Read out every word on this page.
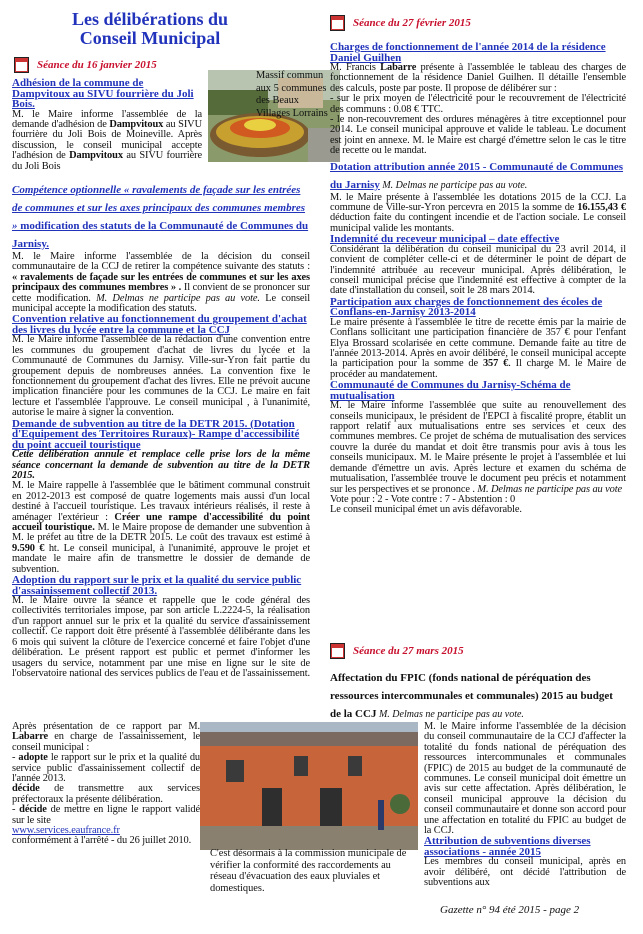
Les délibérations du

Conseil Municipal

Séance du 16 janvier 2015
Massif commun aux 5 communes des Beaux Villages Lorrains
Adhésion de la commune de Dampvitoux au SIVU fourrière du Joli Bois.
M. le Maire informe l'assemblée de la demande d'adhésion de Dampvitoux au SIVU fourrière du Joli Bois de Moineville. Après discussion, le conseil municipal accepte l'adhésion de Dampvitoux au SIVU fourrière du Joli Bois
Compétence optionnelle « ravalements de façade sur les entrées de communes et sur les axes principaux des communes membres » modification des statuts de la Communauté de Communes du Jarnisy.
M. le Maire informe l'assemblée de la décision du conseil communautaire de la CCJ de retirer la compétence suivante des statuts : « ravalements de façade sur les entrées de communes et sur les axes principaux des communes membres » . Il convient de se prononcer sur cette modification. M. Delmas ne participe pas au vote. Le conseil municipal accepte la modification des statuts.
Convention relative au fonctionnement du groupement d'achat des livres du lycée entre la commune et la CCJ
M. le Maire informe l'assemblée de la rédaction d'une convention entre les communes du groupement d'achat de livres du lycée et la Communauté de Communes du Jarnisy. Ville-sur-Yron fait partie du groupement depuis de nombreuses années. La convention fixe le fonctionnement du groupement d'achat des livres. Elle ne prévoit aucune implication financière pour les communes de la CCJ. Le maire en fait lecture et l'assemblée l'approuve. Le conseil municipal , à l'unanimité, autorise le maire à signer la convention.
Demande de subvention au titre de la DETR 2015. (Dotation d'Equipement des Territoires Ruraux)- Rampe d'accessibilité du point accueil touristique
Cette délibération annule et remplace celle prise lors de la même séance concernant la demande de subvention au titre de la DETR 2015.
M. le Maire rappelle à l'assemblée que le bâtiment communal construit en 2012-2013 est composé de quatre logements mais aussi d'un local destiné à l'accueil touristique. Les travaux intérieurs réalisés, il reste à aménager l'extérieur : Créer une rampe d'accessibilité du point accueil touristique. M. le Maire propose de demander une subvention à M. le préfet au titre de la DETR 2015. Le coût des travaux est estimé à 9.590 € ht. Le conseil municipal, à l'unanimité, approuve le projet et mandate le maire afin de transmettre le dossier de demande de subvention.
Adoption du rapport sur le prix et la qualité du service public d'assainissement collectif 2013.
M. le Maire ouvre la séance et rappelle que le code général des collectivités territoriales impose, par son article L.2224-5, la réalisation d'un rapport annuel sur le prix et la qualité du service d'assainissement collectif. Ce rapport doit être présenté à l'assemblée délibérante dans les 6 mois qui suivent la clôture de l'exercice concerné et faire l'objet d'une délibération. Le présent rapport est public et permet d'informer les usagers du service, notamment par une mise en ligne sur le site de l'observatoire national des services publics de l'eau et de l'assainissement.
Après présentation de ce rapport par M. Labarre en charge de l'assainissement, le conseil municipal :
- adopte le rapport sur le prix et la qualité du service public d'assainissement collectif de l'année 2013.
décide de transmettre aux services préfectoraux la présente délibération.
- décide de mettre en ligne le rapport validé sur le site
www.services.eaufrance.fr
conformément à l'arrêté - du 26 juillet 2010.
C'est désormais à la commission municipale de vérifier la conformité des raccordements au réseau d'évacuation des eaux pluviales et domestiques.
Séance du 27 février 2015
Charges de fonctionnement de l'année 2014 de la résidence Daniel Guilhen
M. Francis Labarre présente à l'assemblée le tableau des charges de fonctionnement de la résidence Daniel Guilhen. Il détaille l'ensemble des calculs, poste par poste. Il propose de délibérer sur :
- sur le prix moyen de l'électricité pour le recouvrement de l'électricité des communs : 0.08 € TTC.
- le non-recouvrement des ordures ménagères à titre exceptionnel pour 2014. Le conseil municipal approuve et valide le tableau. Le document est joint en annexe. M. le Maire est chargé d'émettre selon le cas le titre de recette ou le mandat.
Dotation attribution année 2015 - Communauté de Communes du Jarnisy M. Delmas ne participe pas au vote.
M. le Maire présente à l'assemblée les dotations 2015 de la CCJ. La commune de Ville-sur-Yron percevra en 2015 la somme de 16.155,43 € déduction faite du contingent incendie et de l'action sociale. Le conseil municipal valide les montants.
Indemnité du receveur municipal – date effective
Considérant la délibération du conseil municipal du 23 avril 2014, il convient de compléter celle-ci et de déterminer le point de départ de l'indemnité attribuée au receveur municipal. Après délibération, le conseil municipal précise que l'indemnité est effective à compter de la date d'installation du conseil, soit le 28 mars 2014.
Participation aux charges de fonctionnement des écoles de Conflans-en-Jarnisy 2013-2014
Le maire présente à l'assemblée le titre de recette émis par la mairie de Conflans sollicitant une participation financière de 357 € pour l'enfant Elya Brossard scolarisée en cette commune. Demande faite au titre de l'année 2013-2014. Après en avoir délibéré, le conseil municipal accepte la participation pour la somme de 357 €. Il charge M. le Maire de procéder au mandatement.
Communauté de Communes du Jarnisy-Schéma de mutualisation
M. le Maire informe l'assemblée que suite au renouvellement des conseils municipaux, le président de l'EPCI à fiscalité propre, établit un rapport relatif aux mutualisations entre ses services et ceux des communes membres. Ce projet de schéma de mutualisation des services couvre la durée du mandat et doit être transmis pour avis à tous les conseils municipaux. M. le Maire présente le projet à l'assemblée et lui demande d'émettre un avis. Après lecture et examen du schéma de mutualisation, l'assemblée trouve le document peu précis et notamment sur les perspectives et se prononce . M. Delmas ne participe pas au vote
Vote pour : 2 - Vote contre : 7 - Abstention : 0
Le conseil municipal émet un avis défavorable.
Séance du 27 mars 2015
Affectation du FPIC (fonds national de péréquation des ressources intercommunales et communales) 2015 au budget de la CCJ M. Delmas ne participe pas au vote.
M. le Maire informe l'assemblée de la décision du conseil communautaire de la CCJ d'affecter la totalité du fonds national de péréquation des ressources intercommunales et communales (FPIC) de 2015 au budget de la communauté de communes. Le conseil municipal doit émettre un avis sur cette affectation. Après délibération, le conseil municipal approuve la décision du conseil communautaire et donne son accord pour une affectation en totalité du FPIC au budget de la CCJ.
Attribution de subventions diverses associations - année 2015
Les membres du conseil municipal, après en avoir délibéré, ont décidé l'attribution de subventions aux
Gazette n° 94 été 2015 - page 2
